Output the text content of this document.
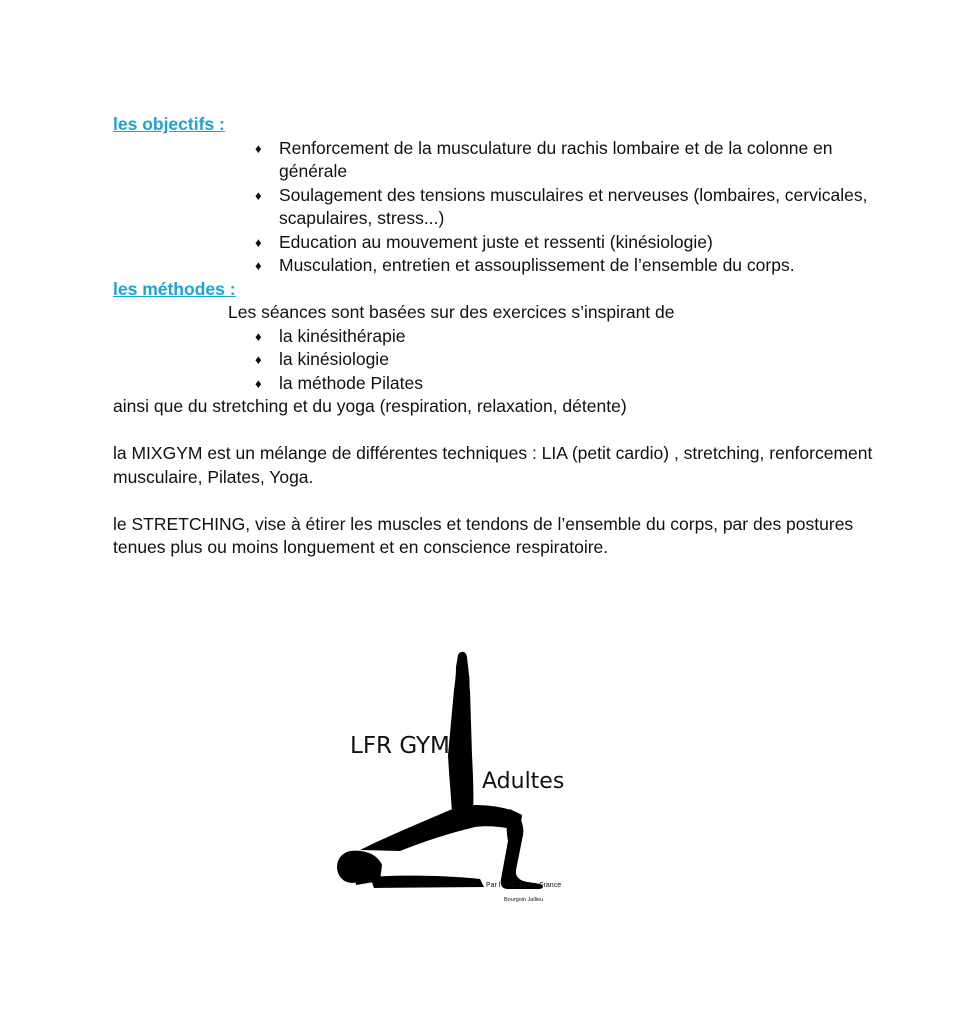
les objectifs :
♦ Renforcement de la musculature du rachis lombaire et de la colonne en générale
♦ Soulagement des tensions musculaires et nerveuses (lombaires, cervicales, scapulaires, stress...)
♦ Education au mouvement juste et ressenti (kinésiologie)
♦ Musculation, entretien et assouplissement de l’ensemble du corps.
les méthodes :

Les séances sont basées sur des exercices s’inspirant de

♦ la kinésithérapie
♦ la kinésiologie
♦ la méthode Pilates

ainsi que du stretching et du yoga (respiration, relaxation, détente)

la MIXGYM est un mélange de différentes techniques : LIA (petit cardio) , stretching, renforcement musculaire, Pilates, Yoga.

le STRETCHING, vise à étirer les muscles et tendons de l’ensemble du corps, par des postures tenues plus ou moins longuement et en conscience respiratoire.

LFR GYM
Adultes
Par l’ASC Jeune France
Bourgoin Jallieu
